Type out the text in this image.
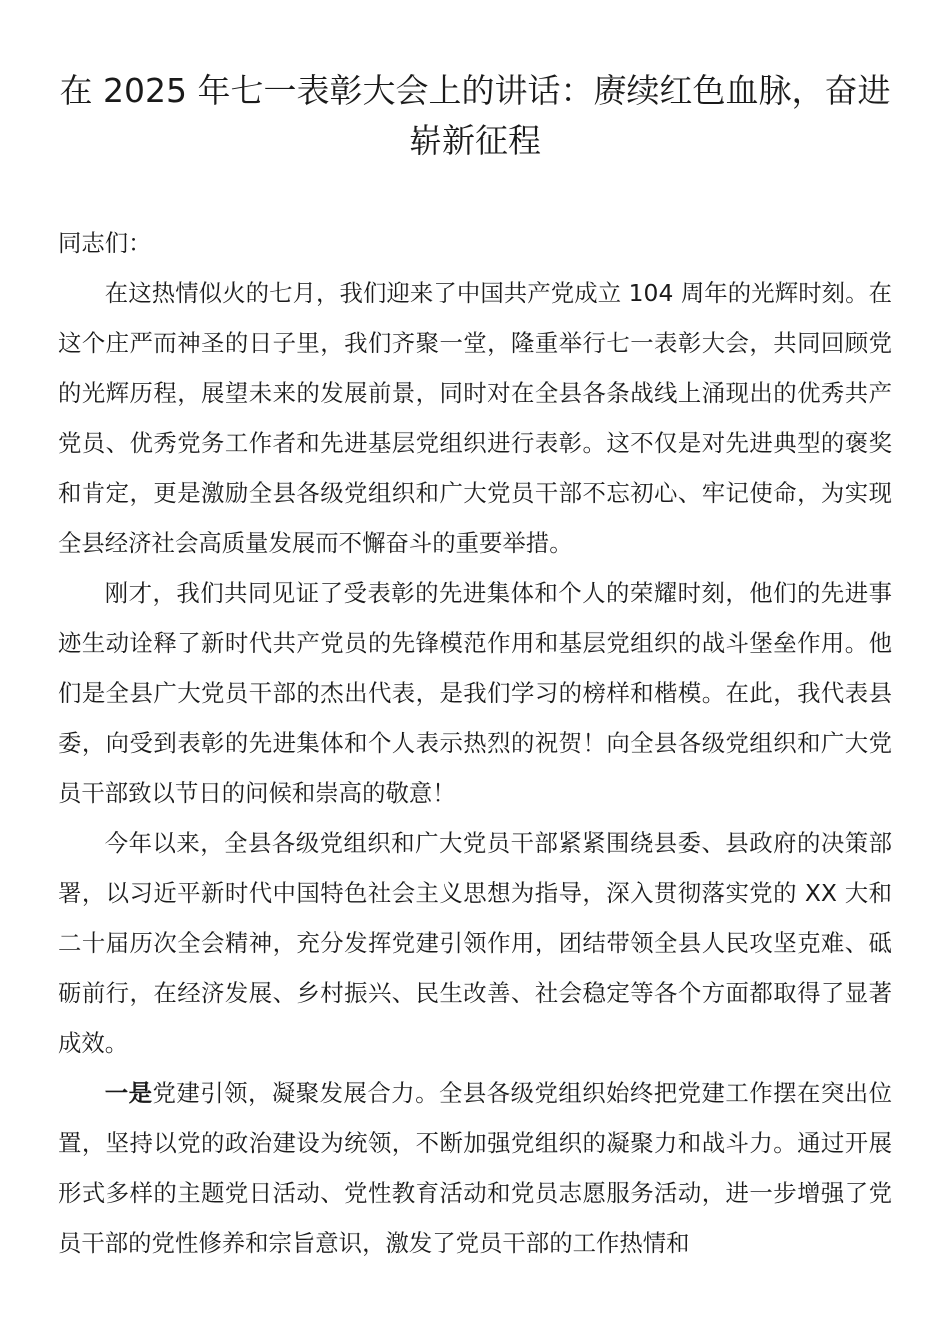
在 2025 年七一表彰大会上的讲话：赓续红色血脉，奋进崭新征程

同志们：

在这热情似火的七月，我们迎来了中国共产党成立 104 周年的光辉时刻。在这个庄严而神圣的日子里，我们齐聚一堂，隆重举行七一表彰大会，共同回顾党的光辉历程，展望未来的发展前景，同时对在全县各条战线上涌现出的优秀共产党员、优秀党务工作者和先进基层党组织进行表彰。这不仅是对先进典型的褒奖和肯定，更是激励全县各级党组织和广大党员干部不忘初心、牢记使命，为实现全县经济社会高质量发展而不懈奋斗的重要举措。

刚才，我们共同见证了受表彰的先进集体和个人的荣耀时刻，他们的先进事迹生动诠释了新时代共产党员的先锋模范作用和基层党组织的战斗堡垒作用。他们是全县广大党员干部的杰出代表，是我们学习的榜样和楷模。在此，我代表县委，向受到表彰的先进集体和个人表示热烈的祝贺！向全县各级党组织和广大党员干部致以节日的问候和崇高的敬意！

今年以来，全县各级党组织和广大党员干部紧紧围绕县委、县政府的决策部署，以习近平新时代中国特色社会主义思想为指导，深入贯彻落实党的 XX 大和二十届历次全会精神，充分发挥党建引领作用，团结带领全县人民攻坚克难、砥砺前行，在经济发展、乡村振兴、民生改善、社会稳定等各个方面都取得了显著成效。

一是党建引领，凝聚发展合力。全县各级党组织始终把党建工作摆在突出位置，坚持以党的政治建设为统领，不断加强党组织的凝聚力和战斗力。通过开展形式多样的主题党日活动、党性教育活动和党员志愿服务活动，进一步增强了党员干部的党性修养和宗旨意识，激发了党员干部的工作热情和
